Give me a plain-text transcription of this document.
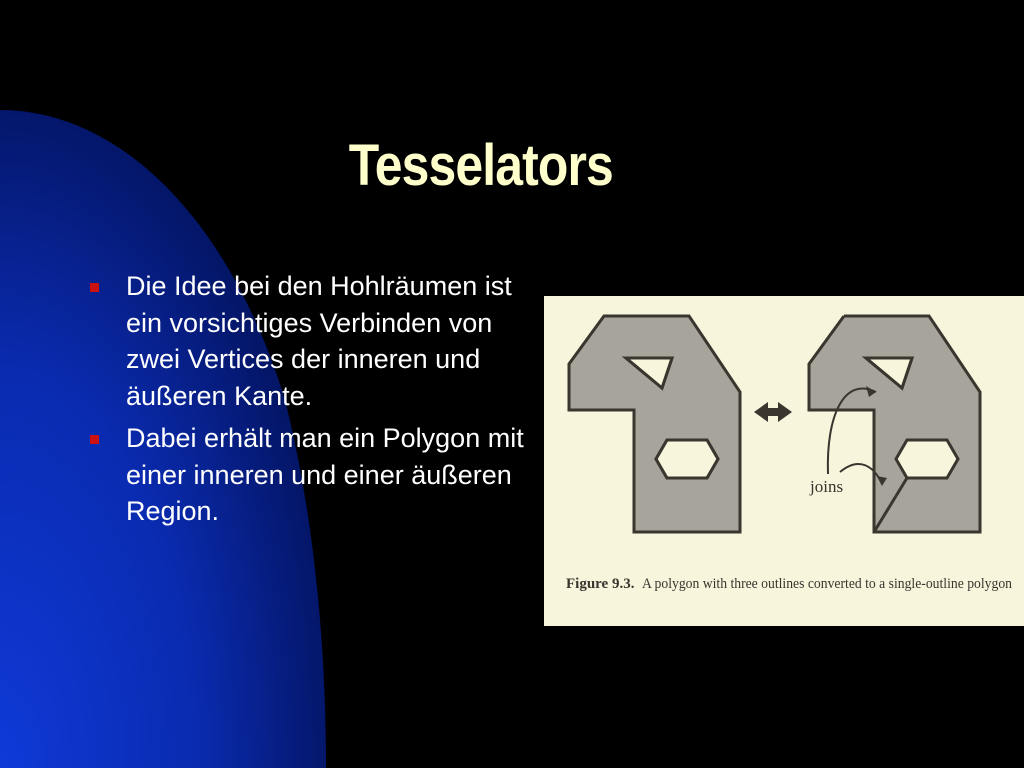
Tesselators
Die Idee bei den Hohlräumen ist ein vorsichtiges Verbinden von zwei Vertices der inneren und äußeren Kante.
Dabei erhält man ein Polygon mit einer inneren und einer äußeren Region.
joins
Figure 9.3. A polygon with three outlines converted to a single-outline polygon
